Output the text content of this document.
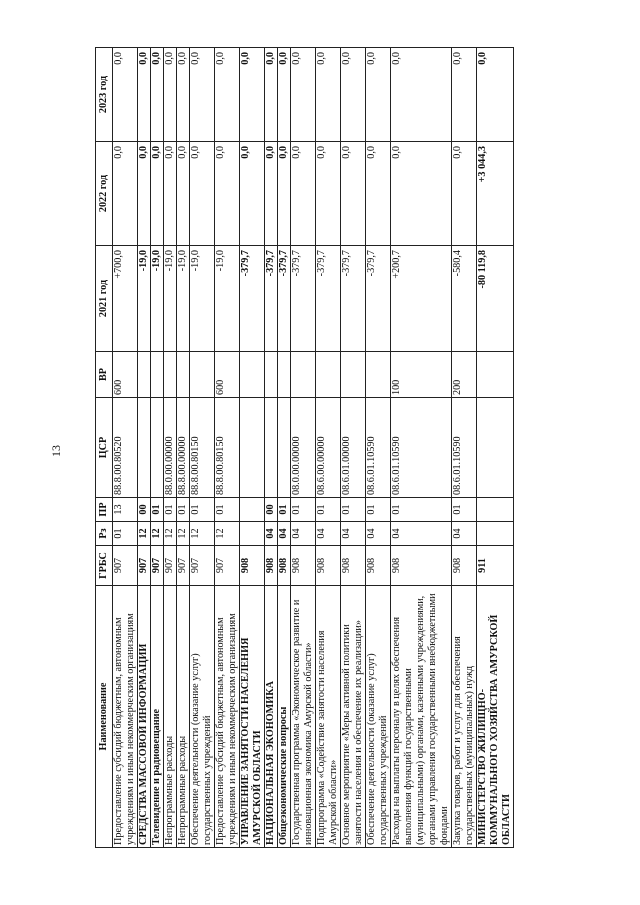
13
Наименование	ГРБС	Рз	ПР	ЦСР	ВР	2021 год	2022 год	2023 год
Предоставление субсидий бюджетным, автономным учреждениям и иным некоммерческим организациям	907	01	13	88.8.00.80520	600	+700,0	0,0	0,0
СРЕДСТВА МАССОВОЙ ИНФОРМАЦИИ	907	12	00			-19,0	0,0	0,0
Телевидение и радиовещание	907	12	01			-19,0	0,0	0,0
Непрограммные расходы	907	12	01	88.0.00.00000		-19,0	0,0	0,0
Непрограммные расходы	907	12	01	88.8.00.00000		-19,0	0,0	0,0
Обеспечение деятельности (оказание услуг) государственных учреждений	907	12	01	88.8.00.80150		-19,0	0,0	0,0
Предоставление субсидий бюджетным, автономным учреждениям и иным некоммерческим организациям	907	12	01	88.8.00.80150	600	-19,0	0,0	0,0
УПРАВЛЕНИЕ ЗАНЯТОСТИ НАСЕЛЕНИЯ АМУРСКОЙ ОБЛАСТИ	908					-379,7	0,0	0,0
НАЦИОНАЛЬНАЯ ЭКОНОМИКА	908	04	00			-379,7	0,0	0,0
Общеэкономические вопросы	908	04	01			-379,7	0,0	0,0
Государственная программа «Экономическое развитие и инновационная экономика Амурской области»	908	04	01	08.0.00.00000		-379,7	0,0	0,0
Подпрограмма «Содействие занятости населения Амурской области»	908	04	01	08.6.00.00000		-379,7	0,0	0,0
Основное мероприятие «Меры активной политики занятости населения и обеспечение их реализации»	908	04	01	08.6.01.00000		-379,7	0,0	0,0
Обеспечение деятельности (оказание услуг) государственных учреждений	908	04	01	08.6.01.10590		-379,7	0,0	0,0
Расходы на выплаты персоналу в целях обеспечения выполнения функций государственными (муниципальными) органами, казенными учреждениями, органами управления государственными внебюджетными фондами	908	04	01	08.6.01.10590	100	+200,7	0,0	0,0
Закупка товаров, работ и услуг для обеспечения государственных (муниципальных) нужд	908	04	01	08.6.01.10590	200	-580,4	0,0	0,0
МИНИСТЕРСТВО ЖИЛИЩНО-КОММУНАЛЬНОГО ХОЗЯЙСТВА АМУРСКОЙ ОБЛАСТИ	911					-80 119,8	+3 044,3	0,0
